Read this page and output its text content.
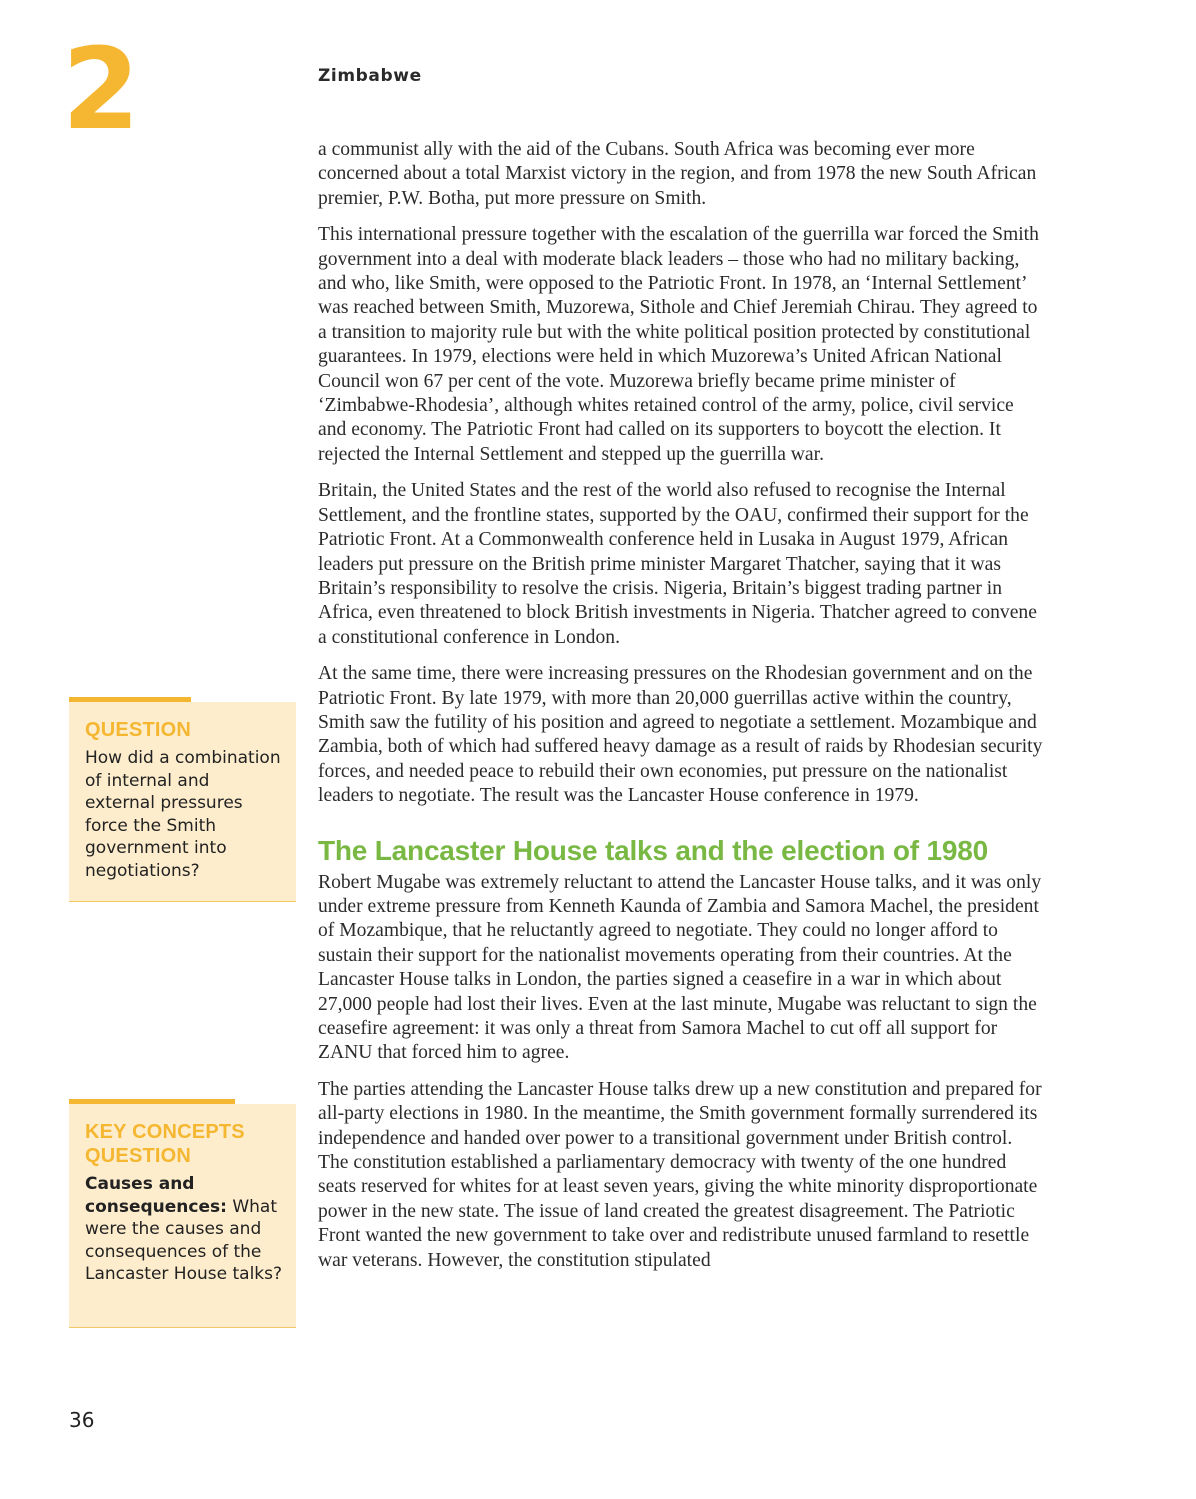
2	Zimbabwe

a communist ally with the aid of the Cubans. South Africa was becoming ever more concerned about a total Marxist victory in the region, and from 1978 the new South African premier, P.W. Botha, put more pressure on Smith.

This international pressure together with the escalation of the guerrilla war forced the Smith government into a deal with moderate black leaders – those who had no military backing, and who, like Smith, were opposed to the Patriotic Front. In 1978, an ‘Internal Settlement’ was reached between Smith, Muzorewa, Sithole and Chief Jeremiah Chirau. They agreed to a transition to majority rule but with the white political position protected by constitutional guarantees. In 1979, elections were held in which Muzorewa’s United African National Council won 67 per cent of the vote. Muzorewa briefly became prime minister of ‘Zimbabwe-Rhodesia’, although whites retained control of the army, police, civil service and economy. The Patriotic Front had called on its supporters to boycott the election. It rejected the Internal Settlement and stepped up the guerrilla war.

Britain, the United States and the rest of the world also refused to recognise the Internal Settlement, and the frontline states, supported by the OAU, confirmed their support for the Patriotic Front. At a Commonwealth conference held in Lusaka in August 1979, African leaders put pressure on the British prime minister Margaret Thatcher, saying that it was Britain’s responsibility to resolve the crisis. Nigeria, Britain’s biggest trading partner in Africa, even threatened to block British investments in Nigeria. Thatcher agreed to convene a constitutional conference in London.

At the same time, there were increasing pressures on the Rhodesian government and on the Patriotic Front. By late 1979, with more than 20,000 guerrillas active within the country, Smith saw the futility of his position and agreed to negotiate a settlement. Mozambique and Zambia, both of which had suffered heavy damage as a result of raids by Rhodesian security forces, and needed peace to rebuild their own economies, put pressure on the nationalist leaders to negotiate. The result was the Lancaster House conference in 1979.

The Lancaster House talks and the election of 1980

Robert Mugabe was extremely reluctant to attend the Lancaster House talks, and it was only under extreme pressure from Kenneth Kaunda of Zambia and Samora Machel, the president of Mozambique, that he reluctantly agreed to negotiate. They could no longer afford to sustain their support for the nationalist movements operating from their countries. At the Lancaster House talks in London, the parties signed a ceasefire in a war in which about 27,000 people had lost their lives. Even at the last minute, Mugabe was reluctant to sign the ceasefire agreement: it was only a threat from Samora Machel to cut off all support for ZANU that forced him to agree.

The parties attending the Lancaster House talks drew up a new constitution and prepared for all-party elections in 1980. In the meantime, the Smith government formally surrendered its independence and handed over power to a transitional government under British control. The constitution established a parliamentary democracy with twenty of the one hundred seats reserved for whites for at least seven years, giving the white minority disproportionate power in the new state. The issue of land created the greatest disagreement. The Patriotic Front wanted the new government to take over and redistribute unused farmland to resettle war veterans. However, the constitution stipulated

QUESTION
How did a combination of internal and external pressures force the Smith government into negotiations?
KEY CONCEPTS QUESTION
Causes and consequences: What were the causes and consequences of the Lancaster House talks?
36
